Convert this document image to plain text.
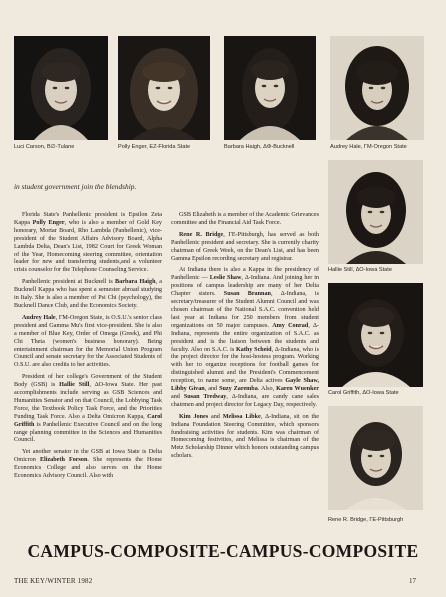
Luci Carson, B∅-Tulane	Polly Enger, EΖ-Florida State	Barbara Haigh, ΔΦ-Bucknell	Audrey Hale, ΓM-Oregon State
in student government join the blendship.
Hallie Still, ΔΟ-Iowa State
Carol Griffith, ΔΟ-Iowa State
Rene R. Bridge, ΓE-Pittsburgh

Florida State's Panhellenic president is Epsilon Zeta Kappa Polly Enger, who is also a member of Gold Key honorary, Mortar Board, Rho Lambda (Panhellenic), vice-president of the Student Affairs Advisory Board, Alpha Lambda Delta, Dean's List, 1982 Court for Greek Woman of the Year, Homecoming steering committee, orientation leader for new and transferring students,and a volunteer crisis counselor for the Telephone Counseling Service.

Panhellenic president at Bucknell is Barbara Haigh, a Bucknell Kappa who has spent a semester abroad studying in Italy. She is also a member of Psi Chi (psychology), the Bucknell Dance Club, and the Economics Society.

Audrey Hale, ΓM-Oregon State, is O.S.U.'s senior class president and Gamma Mu's first vice-president. She is also a member of Blue Key, Order of Omega (Greek), and Phi Chi Theta (women's business honorary). Being entertainment chairman for the Memorial Union Program Council and senate secretary for the Associated Students of O.S.U. are also credits to her activities.

President of her college's Government of the Student Body (GSB) is Hallie Still, ΔΟ-Iowa State. Her past accomplishments include serving as GSB Sciences and Humanities Senator and on that Council, the Lobbying Task Force, the Textbook Policy Task Force, and the Priorities Funding Task Force. Also a Delta Omicron Kappa, Carol Griffith is Panhellenic Executive Council and on the long range planning committee in the Sciences and Humanities Council.

Yet another senator in the GSB at Iowa State is Delta Omicron Elizabeth Forson. She represents the Home Economics College and also serves on the Home Economics Advisory Council. Also with

GSB Elizabeth is a member of the Academic Grievances committee and the Financial Aid Task Force.

Rene R. Bridge, ΓE-Pittsburgh, has served as both Panhellenic president and secretary. She is currently charity chairman of Greek Week, on the Dean's List, and has been Gamma Epsilon recording secretary and registrar.

At Indiana there is also a Kappa in the presidency of Panhellenic — Leslie Shaw, Δ-Indiana. And joining her in positions of campus leadership are many of her Delta Chapter sisters. Susan Brannan, Δ-Indiana, is secretary/treasurer of the Student Alumni Council and was chosen chairman of the National S.A.C. convention held last year at Indiana for 250 members from student organizations on 50 major campuses. Amy Conrad, Δ-Indiana, represents the entire organization of S.A.C. as president and is the liaison between the students and faculty. Also on S.A.C. is Kathy Scheid, Δ-Indiana, who is the project director for the host-hostess program. Working with her to organize receptions for football games for distinguished alumni and the President's Commencement reception, to name some, are Delta actives Gayle Shaw, Libby Givan, and Suzy Zaremba. Also, Karen Wuenker and Susan Tredway, Δ-Indiana, are candy cane sales chairmen and project director for Legacy Day, respectively.

Kim Jones and Melissa Libke, Δ-Indiana, sit on the Indiana Foundation Steering Committee, which sponsors fundraising activities for students. Kim was chairman of Homecoming festivities, and Melissa is chairman of the Metz Scholarship Dinner which honors outstanding campus scholars.

CAMPUS-COMPOSITE-CAMPUS-COMPOSITE
THE KEY/WINTER 1982	17
